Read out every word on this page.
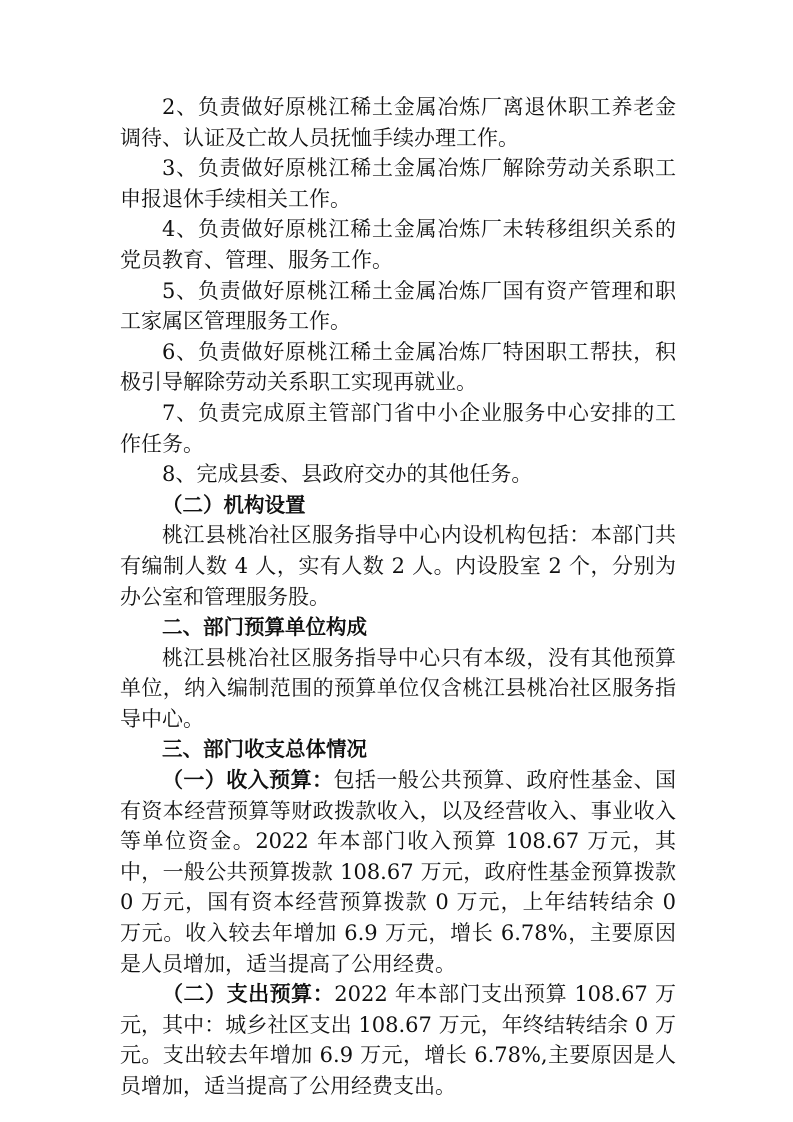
2、负责做好原桃江稀土金属冶炼厂离退休职工养老金调待、认证及亡故人员抚恤手续办理工作。

3、负责做好原桃江稀土金属冶炼厂解除劳动关系职工申报退休手续相关工作。

4、负责做好原桃江稀土金属冶炼厂未转移组织关系的党员教育、管理、服务工作。

5、负责做好原桃江稀土金属冶炼厂国有资产管理和职工家属区管理服务工作。

6、负责做好原桃江稀土金属冶炼厂特困职工帮扶，积极引导解除劳动关系职工实现再就业。

7、负责完成原主管部门省中小企业服务中心安排的工作任务。

8、完成县委、县政府交办的其他任务。

（二）机构设置

桃江县桃冶社区服务指导中心内设机构包括：本部门共有编制人数 4 人，实有人数 2 人。内设股室 2 个，分别为办公室和管理服务股。

二、部门预算单位构成

桃江县桃冶社区服务指导中心只有本级，没有其他预算单位，纳入编制范围的预算单位仅含桃江县桃冶社区服务指导中心。

三、部门收支总体情况

（一）收入预算：包括一般公共预算、政府性基金、国有资本经营预算等财政拨款收入，以及经营收入、事业收入等单位资金。2022 年本部门收入预算 108.67 万元，其中，一般公共预算拨款 108.67 万元，政府性基金预算拨款 0 万元，国有资本经营预算拨款 0 万元，上年结转结余 0 万元。收入较去年增加 6.9 万元，增长 6.78%，主要原因是人员增加，适当提高了公用经费。

（二）支出预算：2022 年本部门支出预算 108.67 万元，其中：城乡社区支出 108.67 万元，年终结转结余 0 万元。支出较去年增加 6.9 万元，增长 6.78%,主要原因是人员增加，适当提高了公用经费支出。
